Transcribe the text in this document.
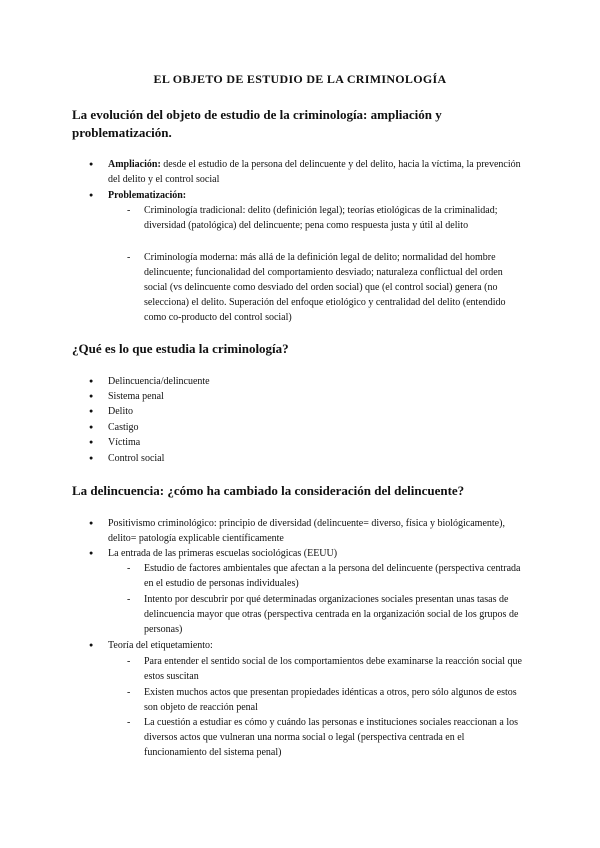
EL OBJETO DE ESTUDIO DE LA CRIMINOLOGÍA
La evolución del objeto de estudio de la criminología: ampliación y problematización.
● Ampliación: desde el estudio de la persona del delincuente y del delito, hacia la víctima, la prevención del delito y el control social
● Problematización:
- Criminología tradicional: delito (definición legal); teorías etiológicas de la criminalidad; diversidad (patológica) del delincuente; pena como respuesta justa y útil al delito
- Criminología moderna: más allá de la definición legal de delito; normalidad del hombre delincuente; funcionalidad del comportamiento desviado; naturaleza conflictual del orden social (vs delincuente como desviado del orden social) que (el control social) genera (no selecciona) el delito. Superación del enfoque etiológico y centralidad del delito (entendido como co-producto del control social)
¿Qué es lo que estudia la criminología?
● Delincuencia/delincuente
● Sistema penal
● Delito
● Castigo
● Víctima
● Control social
La delincuencia: ¿cómo ha cambiado la consideración del delincuente?
● Positivismo criminológico: principio de diversidad (delincuente= diverso, física y biológicamente), delito= patología explicable científicamente
● La entrada de las primeras escuelas sociológicas (EEUU)
- Estudio de factores ambientales que afectan a la persona del delincuente (perspectiva centrada en el estudio de personas individuales)
- Intento por descubrir por qué determinadas organizaciones sociales presentan unas tasas de delincuencia mayor que otras (perspectiva centrada en la organización social de los grupos de personas)
● Teoría del etiquetamiento:
- Para entender el sentido social de los comportamientos debe examinarse la reacción social que estos suscitan
- Existen muchos actos que presentan propiedades idénticas a otros, pero sólo algunos de estos son objeto de reacción penal
- La cuestión a estudiar es cómo y cuándo las personas e instituciones sociales reaccionan a los diversos actos que vulneran una norma social o legal (perspectiva centrada en el funcionamiento del sistema penal)
